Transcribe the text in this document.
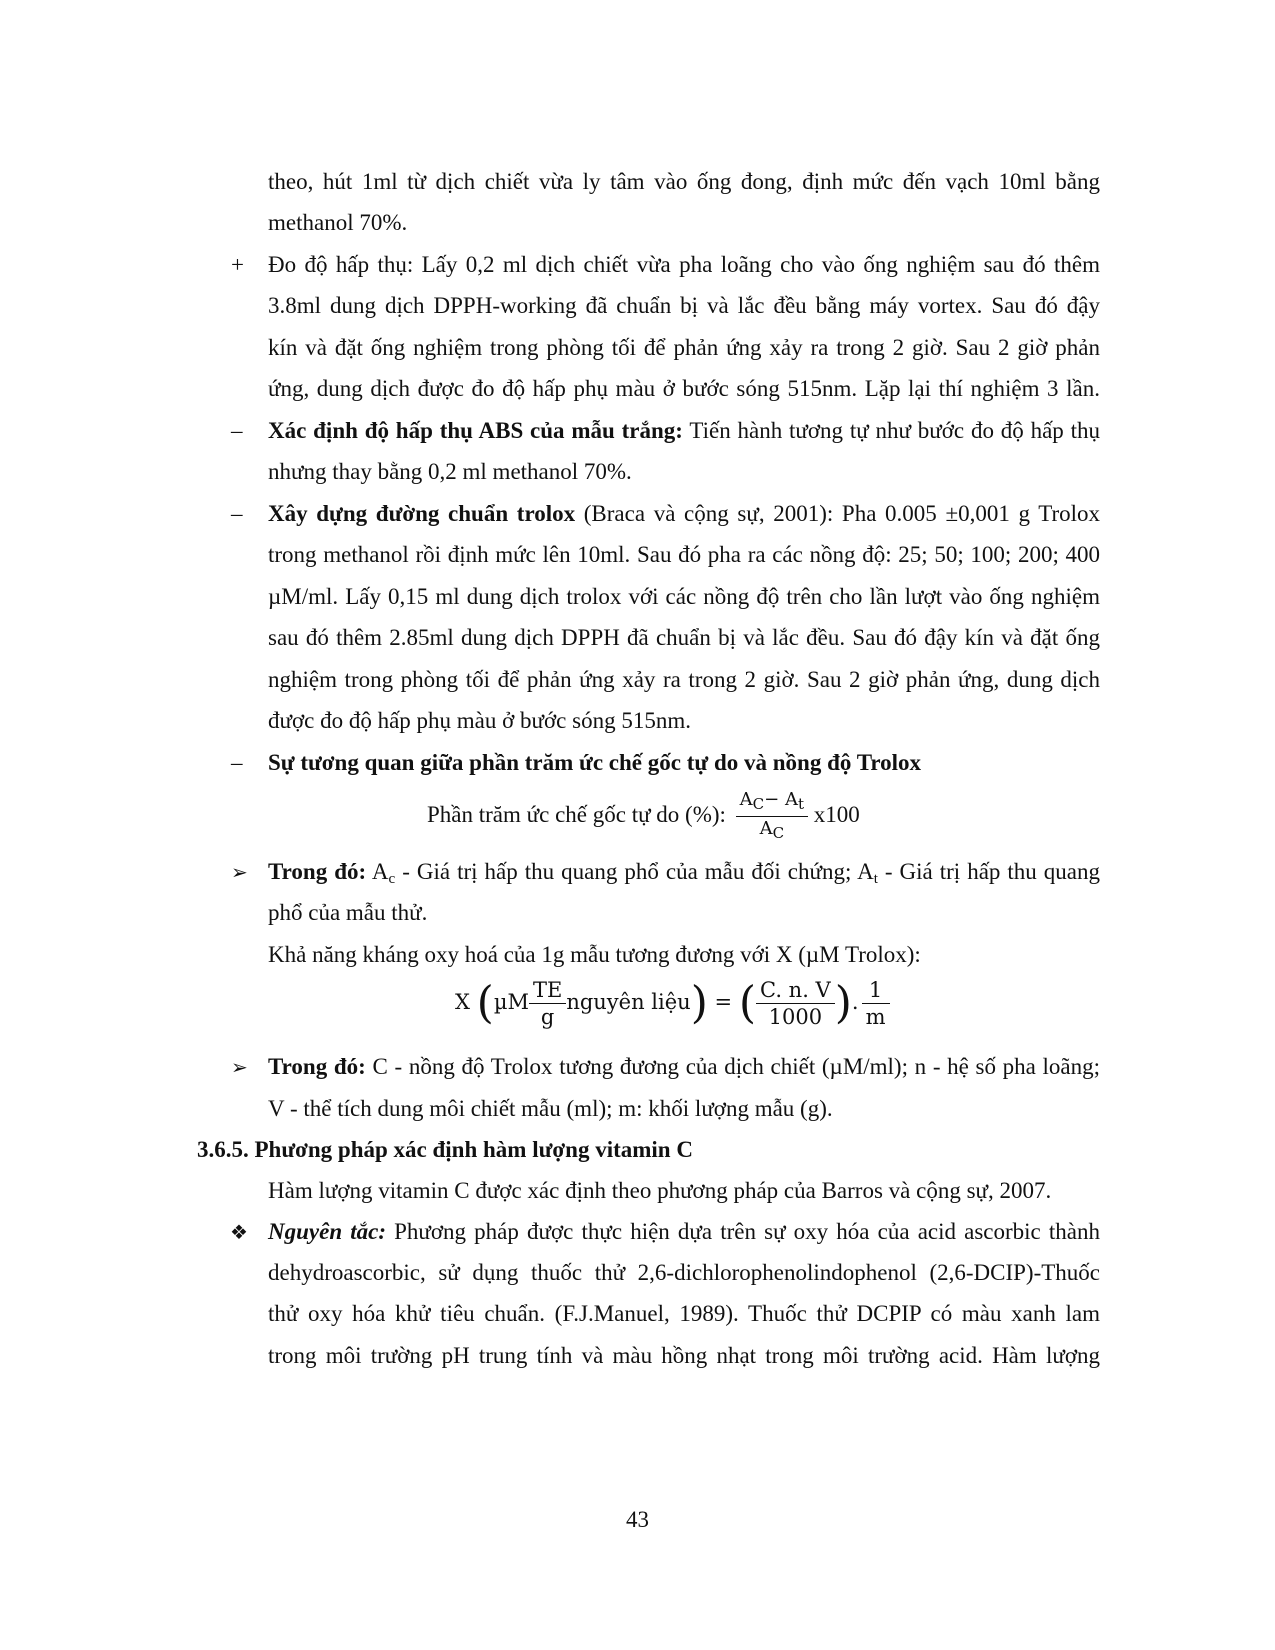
theo, hút 1ml từ dịch chiết vừa ly tâm vào ống đong, định mức đến vạch 10ml bằng
methanol 70%.
+ Đo độ hấp thụ: Lấy 0,2 ml dịch chiết vừa pha loãng cho vào ống nghiệm sau đó thêm
3.8ml dung dịch DPPH-working đã chuẩn bị và lắc đều bằng máy vortex. Sau đó đậy
kín và đặt ống nghiệm trong phòng tối để phản ứng xảy ra trong 2 giờ. Sau 2 giờ phản
ứng, dung dịch được đo độ hấp phụ màu ở bước sóng 515nm. Lặp lại thí nghiệm 3 lần.
– Xác định độ hấp thụ ABS của mẫu trắng: Tiến hành tương tự như bước đo độ hấp thụ
nhưng thay bằng 0,2 ml methanol 70%.
– Xây dựng đường chuẩn trolox (Braca và cộng sự, 2001): Pha 0.005 ±0,001 g Trolox
trong methanol rồi định mức lên 10ml. Sau đó pha ra các nồng độ: 25; 50; 100; 200; 400
µM/ml. Lấy 0,15 ml dung dịch trolox với các nồng độ trên cho lần lượt vào ống nghiệm
sau đó thêm 2.85ml dung dịch DPPH đã chuẩn bị và lắc đều. Sau đó đậy kín và đặt ống
nghiệm trong phòng tối để phản ứng xảy ra trong 2 giờ. Sau 2 giờ phản ứng, dung dịch
được đo độ hấp phụ màu ở bước sóng 515nm.
– Sự tương quan giữa phần trăm ức chế gốc tự do và nồng độ Trolox
Phần trăm ức chế gốc tự do (%): $\frac{A_C- A_t}{A_C} x100$
➢ Trong đó: $A_c$ - Giá trị hấp thu quang phổ của mẫu đối chứng; $A_t$ - Giá trị hấp thu quang
phổ của mẫu thử.
Khả năng kháng oxy hoá của 1g mẫu tương đương với X (µM Trolox):
X ($\mu M \frac{TE}{g}$ nguyên liệu) = ( $\frac{C. n. V}{1000}$ ). $\frac{1}{m}$
➢ Trong đó: C - nồng độ Trolox tương đương của dịch chiết (µM/ml); n - hệ số pha loãng;
V - thể tích dung môi chiết mẫu (ml); m: khối lượng mẫu (g).
3.6.5. Phương pháp xác định hàm lượng vitamin C
Hàm lượng vitamin C được xác định theo phương pháp của Barros và cộng sự, 2007.
❖ Nguyên tắc: Phương pháp được thực hiện dựa trên sự oxy hóa của acid ascorbic thành
dehydroascorbic, sử dụng thuốc thử 2,6-dichlorophenolindophenol (2,6-DCIP)-Thuốc
thử oxy hóa khử tiêu chuẩn. (F.J.Manuel, 1989). Thuốc thử DCPIP có màu xanh lam
trong môi trường pH trung tính và màu hồng nhạt trong môi trường acid. Hàm lượng
43
